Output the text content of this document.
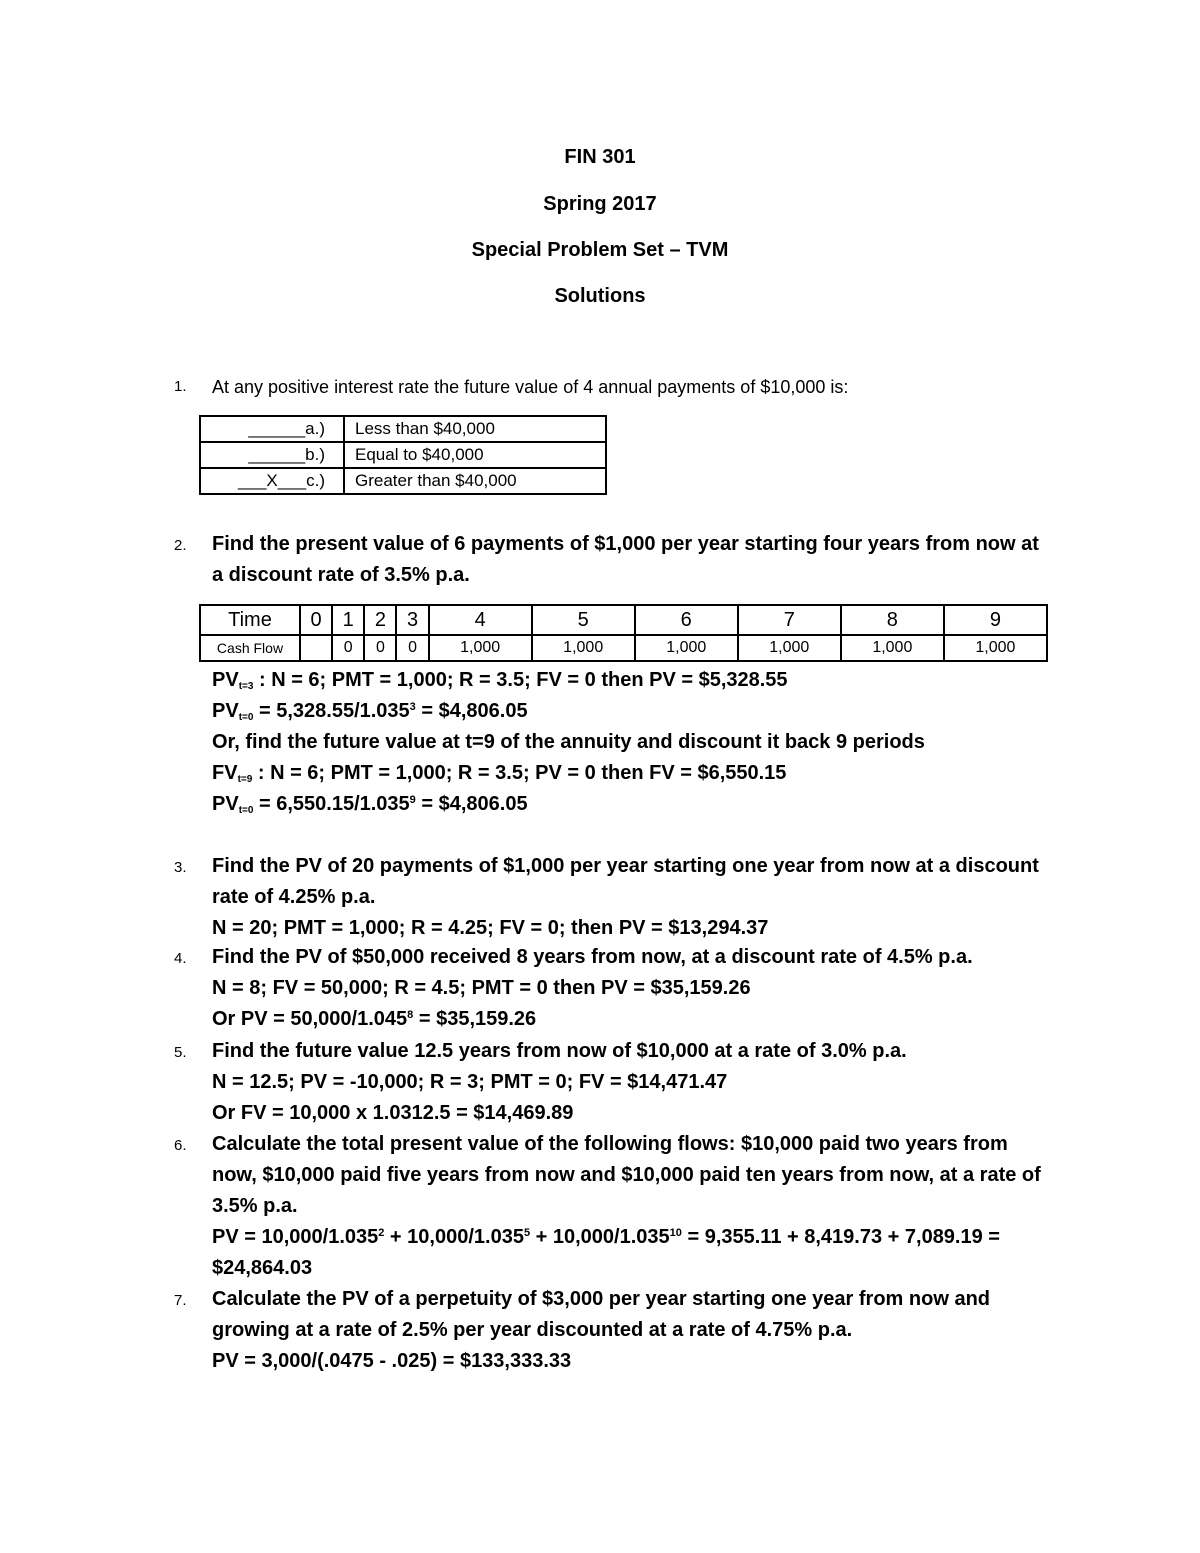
FIN 301
Spring 2017
Special Problem Set – TVM
Solutions
1. At any positive interest rate the future value of 4 annual payments of $10,000 is:
______a.)	Less than $40,000
______b.)	Equal to $40,000
___X___c.)	Greater than $40,000
2. Find the present value of 6 payments of $1,000 per year starting four years from now at
a discount rate of 3.5% p.a.
Time	0	1	2	3	4	5	6	7	8	9
Cash Flow		0	0	0	1,000	1,000	1,000	1,000	1,000	1,000
$PV_{t=3}$ : N = 6; PMT = 1,000; R = 3.5; FV = 0 then PV = $5,328.55
$PV_{t=0} = 5,328.55/1.035^3$ = $4,806.05
Or, find the future value at t=9 of the annuity and discount it back 9 periods
$FV_{t=9}$ : N = 6; PMT = 1,000; R = 3.5; PV = 0 then FV = $6,550.15
$PV_{t=0} = 6,550.15/1.035^9$ = $4,806.05
3. Find the PV of 20 payments of $1,000 per year starting one year from now at a discount
rate of 4.25% p.a.
N = 20; PMT = 1,000; R = 4.25; FV = 0; then PV = $13,294.37
4. Find the PV of $50,000 received 8 years from now, at a discount rate of 4.5% p.a.
N = 8; FV = 50,000; R = 4.5; PMT = 0 then PV = $35,159.26
Or PV = $50,000/1.045^8$ = $35,159.26
5. Find the future value 12.5 years from now of $10,000 at a rate of 3.0% p.a.
N = 12.5; PV = -10,000; R = 3; PMT = 0; FV = $14,471.47
Or FV = 10,000 x 1.0312.5 = $14,469.89
6. Calculate the total present value of the following flows: $10,000 paid two years from
now, $10,000 paid five years from now and $10,000 paid ten years from now, at a rate of
3.5% p.a.
PV = $10,000/1.035^2 + 10,000/1.035^5 + 10,000/1.035^{10} = 9,355.11 + 8,419.73 + 7,089.19$ =
$24,864.03
7. Calculate the PV of a perpetuity of $3,000 per year starting one year from now and
growing at a rate of 2.5% per year discounted at a rate of 4.75% p.a.
PV = 3,000/(.0475 - .025) = $133,333.33
